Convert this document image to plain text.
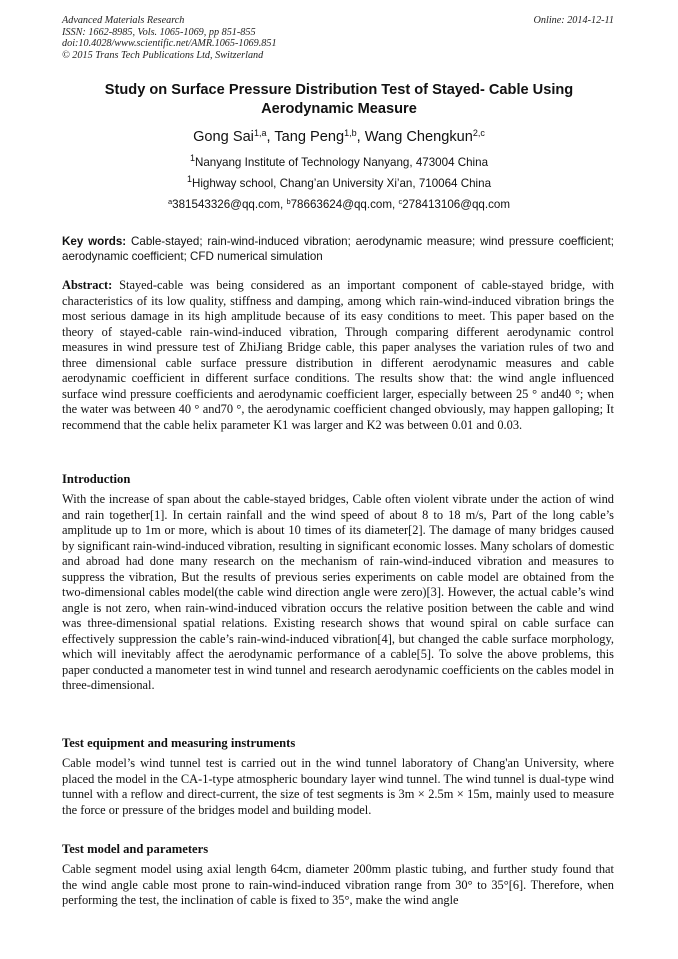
Advanced Materials Research
ISSN: 1662-8985, Vols. 1065-1069, pp 851-855
doi:10.4028/www.scientific.net/AMR.1065-1069.851
© 2015 Trans Tech Publications Ltd, Switzerland
Online: 2014-12-11
Study on Surface Pressure Distribution Test of Stayed- Cable Using
Aerodynamic Measure
Gong Sai$^{1,a}$, Tang Peng$^{1,b}$, Wang Chengkun$^{2,c}$
$^1$Nanyang Institute of Technology Nanyang, 473004 China
$^1$Highway school, Chang’an University Xi’an, 710064 China
$^a$381543326@qq.com, $^b$78663624@qq.com, $^c$278413106@qq.com
Key words: Cable-stayed; rain-wind-induced vibration; aerodynamic measure; wind pressure coefficient; aerodynamic coefficient; CFD numerical simulation
Abstract: Stayed-cable was being considered as an important component of cable-stayed bridge, with characteristics of its low quality, stiffness and damping, among which rain-wind-induced vibration brings the most serious damage in its high amplitude because of its easy conditions to meet. This paper based on the theory of stayed-cable rain-wind-induced vibration, Through comparing different aerodynamic control measures in wind pressure test of ZhiJiang Bridge cable, this paper analyses the variation rules of two and three dimensional cable surface pressure distribution in different aerodynamic measures and cable aerodynamic coefficient in different surface conditions. The results show that: the wind angle influenced surface wind pressure coefficients and aerodynamic coefficient larger, especially between 25 ° and40 °; when the water was between 40 ° and70 °, the aerodynamic coefficient changed obviously, may happen galloping; It recommend that the cable helix parameter K1 was larger and K2 was between 0.01 and 0.03.
Introduction
With the increase of span about the cable-stayed bridges, Cable often violent vibrate under the action of wind and rain together[1]. In certain rainfall and the wind speed of about 8 to 18 m/s, Part of the long cable’s amplitude up to 1m or more, which is about 10 times of its diameter[2]. The damage of many bridges caused by significant rain-wind-induced vibration, resulting in significant economic losses. Many scholars of domestic and abroad had done many research on the mechanism of rain-wind-induced vibration and measures to suppress the vibration, But the results of previous series experiments on cable model are obtained from the two-dimensional cables model(the cable wind direction angle were zero)[3]. However, the actual cable’s wind angle is not zero, when rain-wind-induced vibration occurs the relative position between the cable and wind was three-dimensional spatial relations. Existing research shows that wound spiral on cable surface can effectively suppression the cable’s rain-wind-induced vibration[4], but changed the cable surface morphology, which will inevitably affect the aerodynamic performance of a cable[5]. To solve the above problems, this paper conducted a manometer test in wind tunnel and research aerodynamic coefficients on the cables model in three-dimensional.
Test equipment and measuring instruments
Cable model’s wind tunnel test is carried out in the wind tunnel laboratory of Chang'an University, where placed the model in the CA-1-type atmospheric boundary layer wind tunnel. The wind tunnel is dual-type wind tunnel with a reflow and direct-current, the size of test segments is 3m × 2.5m × 15m, mainly used to measure the force or pressure of the bridges model and building model.
Test model and parameters
Cable segment model using axial length 64cm, diameter 200mm plastic tubing, and further study found that the wind angle cable most prone to rain-wind-induced vibration range from 30° to 35°[6]. Therefore, when performing the test, the inclination of cable is fixed to 35°, make the wind angle
